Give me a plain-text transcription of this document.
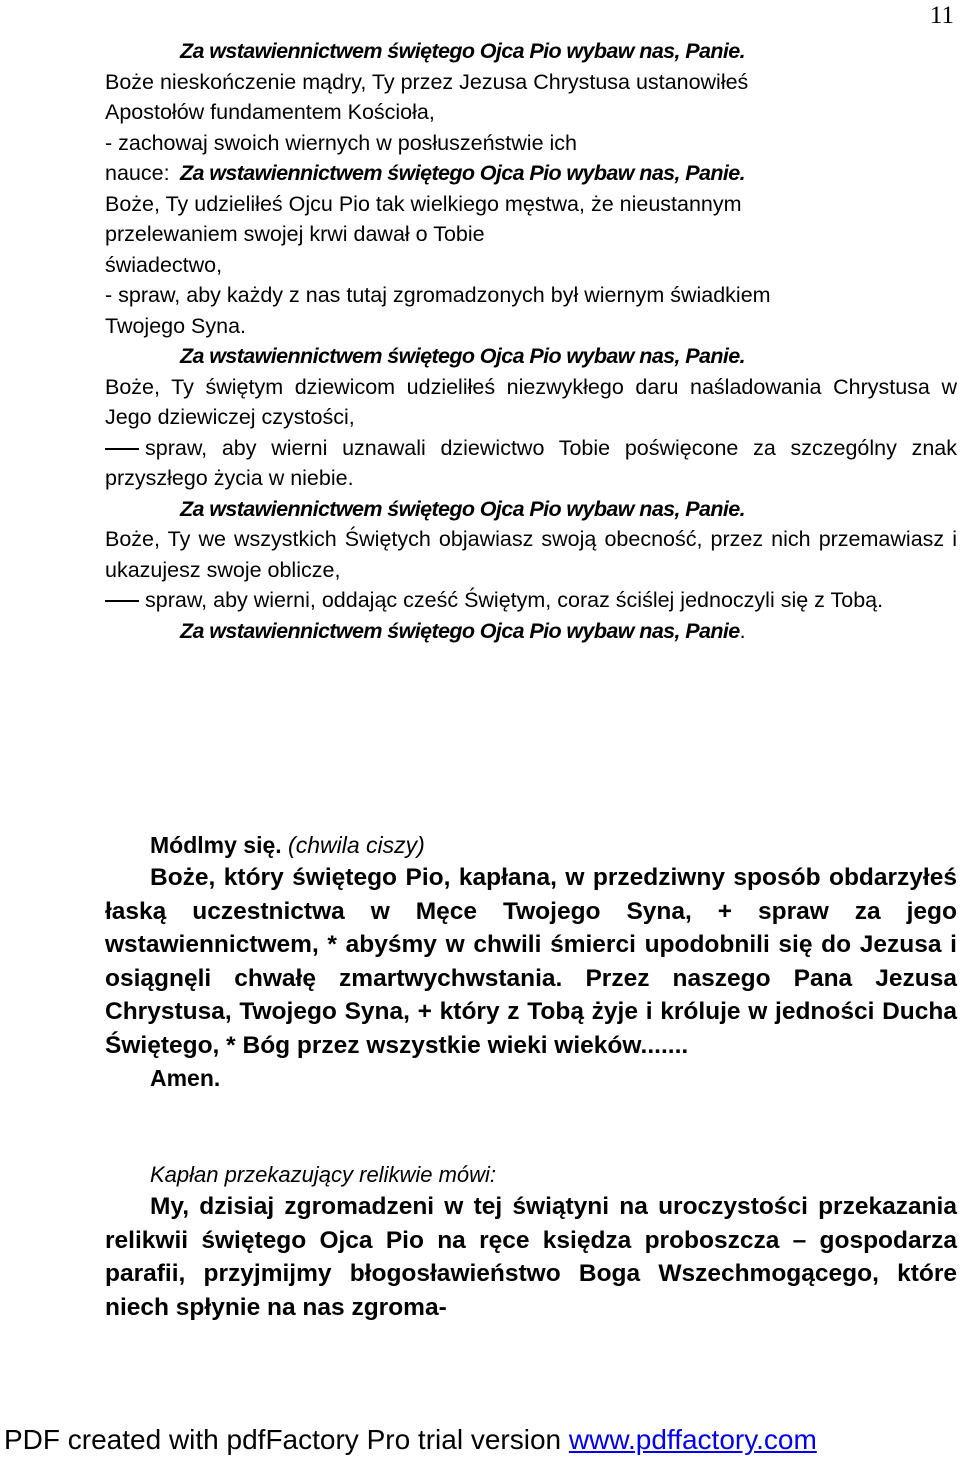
11

Za wstawiennictwem świętego Ojca Pio wybaw nas, Panie.

Boże nieskończenie mądry, Ty przez Jezusa Chrystusa ustanowiłeś

Apostołów fundamentem Kościoła,

- zachowaj swoich wiernych w posłuszeństwie ich

nauce: Za wstawiennictwem świętego Ojca Pio wybaw nas, Panie.

Boże, Ty udzieliłeś Ojcu Pio tak wielkiego męstwa, że nieustannym

przelewaniem swojej krwi dawał o Tobie

świadectwo,

- spraw, aby każdy z nas tutaj zgromadzonych był wiernym świadkiem

Twojego Syna.

Za wstawiennictwem świętego Ojca Pio wybaw nas, Panie.

Boże, Ty świętym dziewicom udzieliłeś niezwykłego daru naśladowania Chrystusa w Jego dziewiczej czystości,

spraw, aby wierni uznawali dziewictwo Tobie poświęcone za szczególny znak przyszłego życia w niebie.

Za wstawiennictwem świętego Ojca Pio wybaw nas, Panie.

Boże, Ty we wszystkich Świętych objawiasz swoją obecność, przez nich przemawiasz i ukazujesz swoje oblicze,

spraw, aby wierni, oddając cześć Świętym, coraz ściślej jednoczyli się z Tobą.

Za wstawiennictwem świętego Ojca Pio wybaw nas, Panie.

Módlmy się. (chwila ciszy)

Boże, który świętego Pio, kapłana, w przedziwny sposób obdarzyłeś łaską uczestnictwa w Męce Twojego Syna, + spraw za jego wstawiennictwem, * abyśmy w chwili śmierci upodobnili się do Jezusa i osiągnęli chwałę zmartwychwstania. Przez naszego Pana Jezusa Chrystusa, Twojego Syna, + który z Tobą żyje i króluje w jedności Ducha Świętego, * Bóg przez wszystkie wieki wieków.......

Amen.

Kapłan przekazujący relikwie mówi:

My, dzisiaj zgromadzeni w tej świątyni na uroczystości przekazania relikwii świętego Ojca Pio na ręce księdza proboszcza – gospodarza parafii, przyjmijmy błogosławieństwo Boga Wszechmogącego, które niech spłynie na nas zgroma-

PDF created with pdfFactory Pro trial version www.pdffactory.com
